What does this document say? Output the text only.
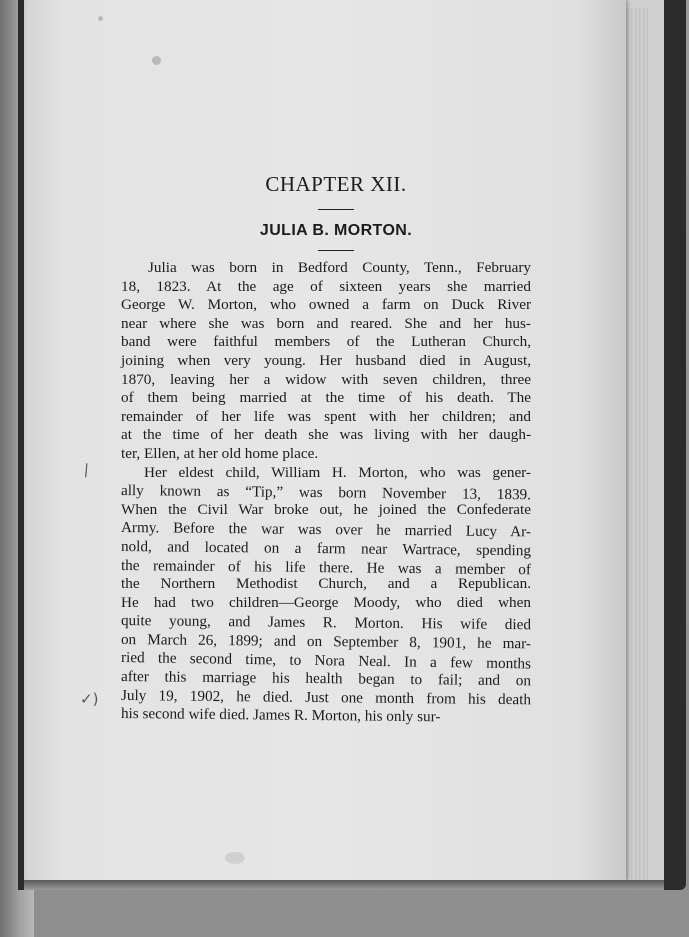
|
✓)
CHAPTER XII.
JULIA B. MORTON.
Julia was born in Bedford County, Tenn., February
18, 1823. At the age of sixteen years she married
George W. Morton, who owned a farm on Duck River
near where she was born and reared. She and her hus-
band were faithful members of the Lutheran Church,
joining when very young. Her husband died in August,
1870, leaving her a widow with seven children, three
of them being married at the time of his death. The
remainder of her life was spent with her children; and
at the time of her death she was living with her daugh-
ter, Ellen, at her old home place.
Her eldest child, William H. Morton, who was gener-
ally known as “Tip,” was born November 13, 1839.
When the Civil War broke out, he joined the Confederate
Army. Before the war was over he married Lucy Ar-
nold, and located on a farm near Wartrace, spending
the remainder of his life there. He was a member of
the Northern Methodist Church, and a Republican.
He had two children—George Moody, who died when
quite young, and James R. Morton. His wife died
on March 26, 1899; and on September 8, 1901, he mar-
ried the second time, to Nora Neal. In a few months
after this marriage his health began to fail; and on
July 19, 1902, he died. Just one month from his death
his second wife died. James R. Morton, his only sur-
